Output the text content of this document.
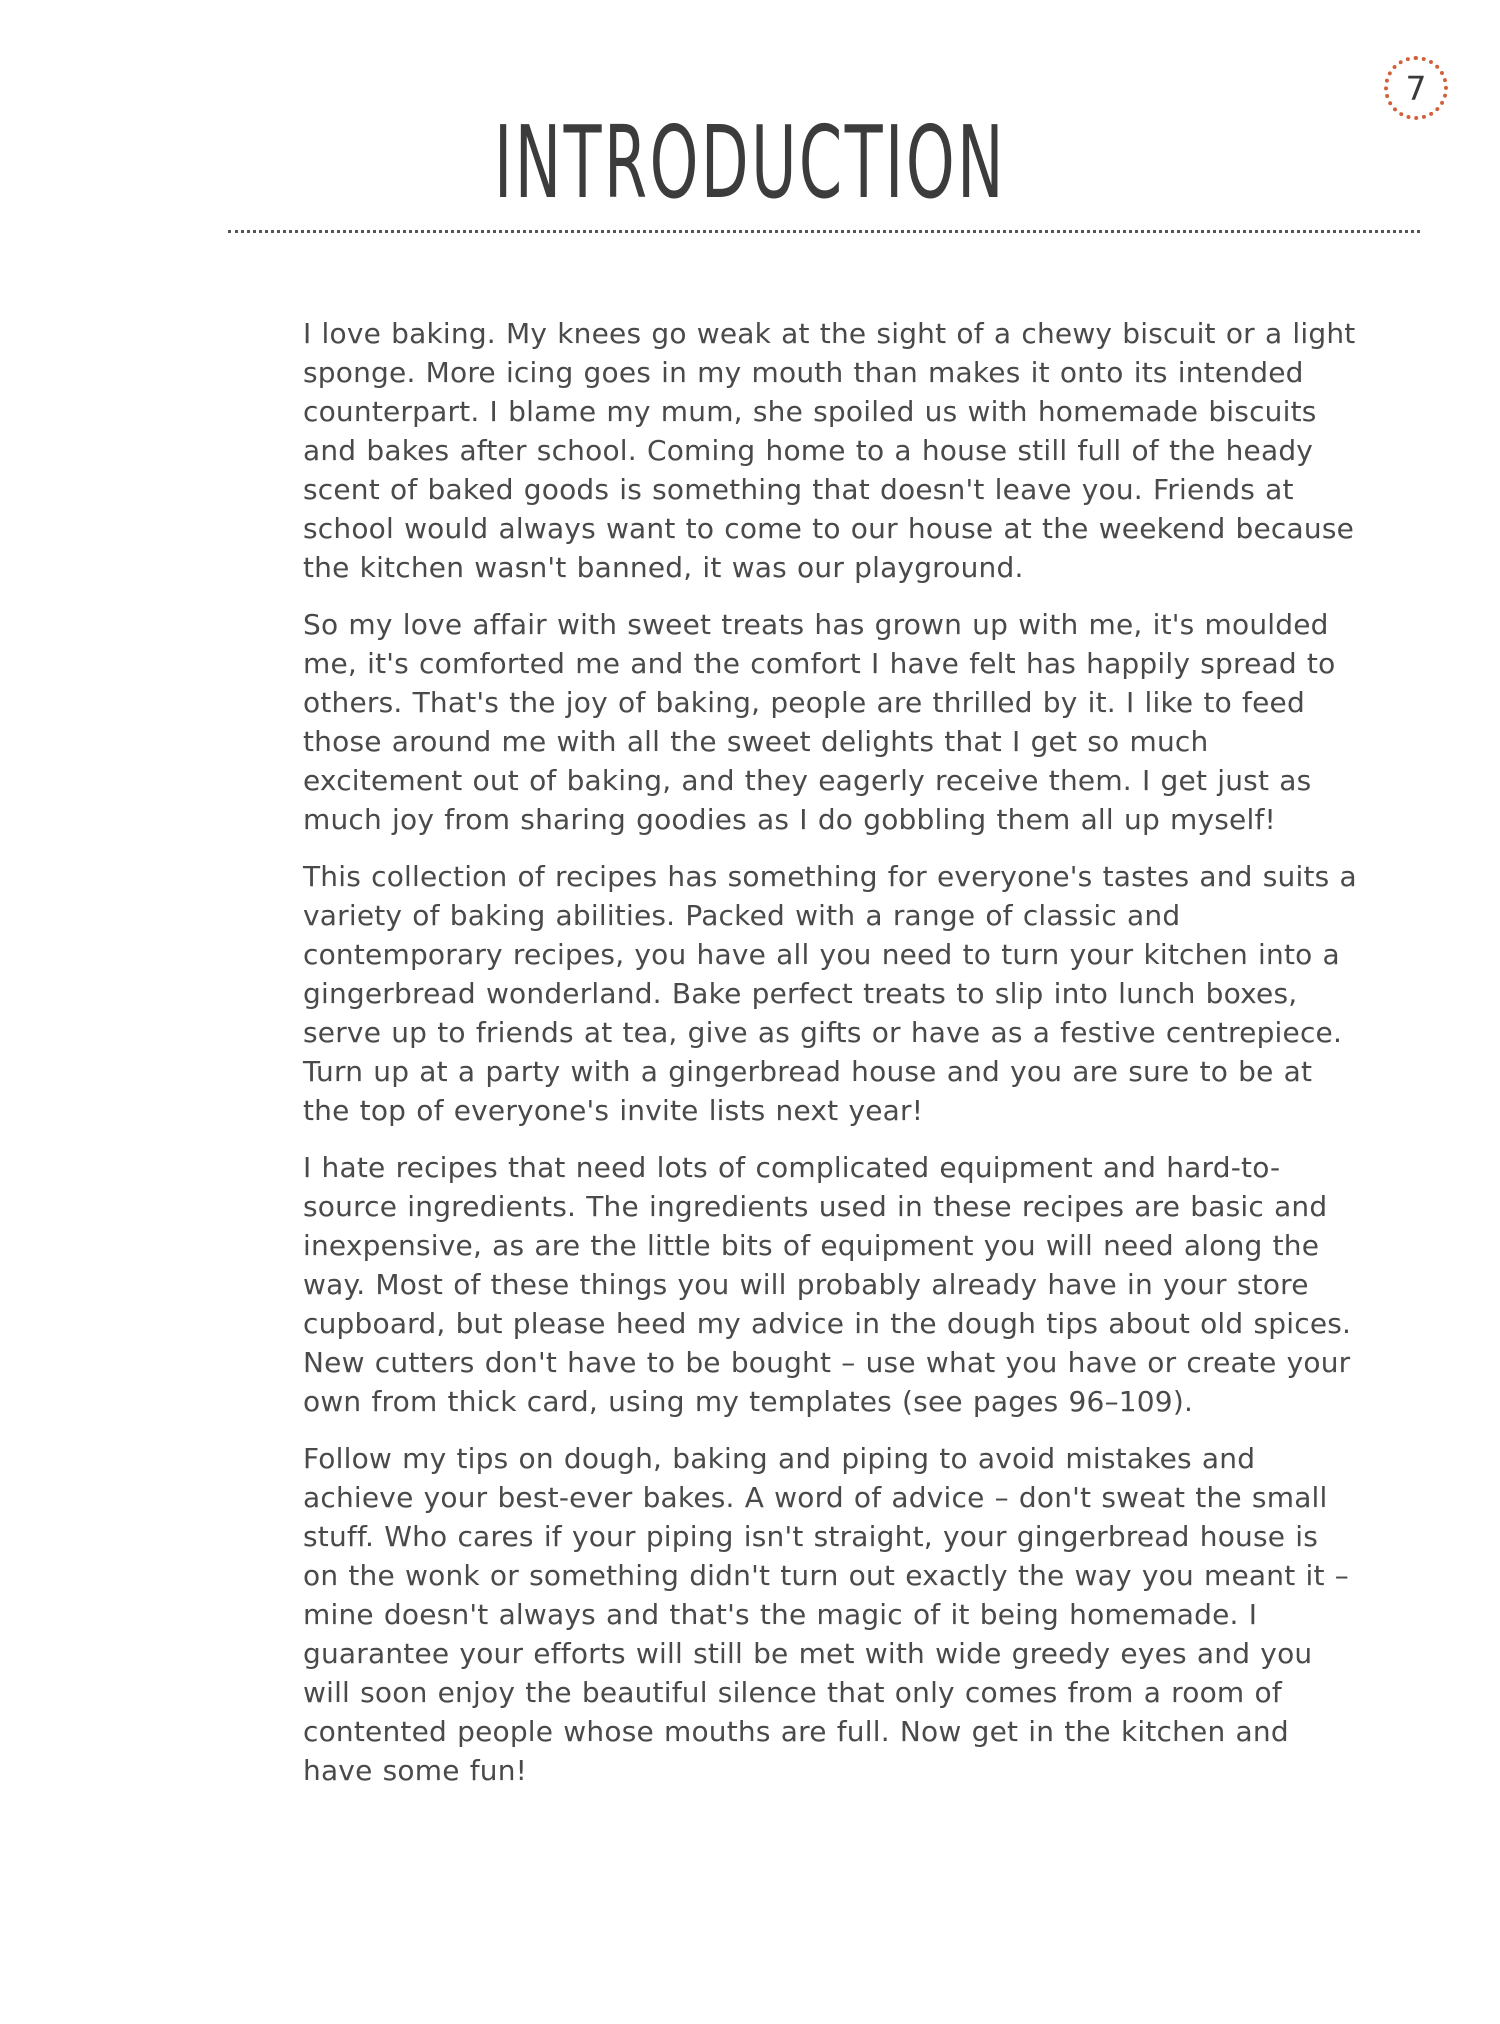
7
INTRODUCTION

I love baking. My knees go weak at the sight of a chewy biscuit or a light sponge. More icing goes in my mouth than makes it onto its intended counterpart. I blame my mum, she spoiled us with homemade biscuits and bakes after school. Coming home to a house still full of the heady scent of baked goods is something that doesn't leave you. Friends at school would always want to come to our house at the weekend because the kitchen wasn't banned, it was our playground.

So my love affair with sweet treats has grown up with me, it's moulded me, it's comforted me and the comfort I have felt has happily spread to others. That's the joy of baking, people are thrilled by it. I like to feed those around me with all the sweet delights that I get so much excitement out of baking, and they eagerly receive them. I get just as much joy from sharing goodies as I do gobbling them all up myself!

This collection of recipes has something for everyone's tastes and suits a variety of baking abilities. Packed with a range of classic and contemporary recipes, you have all you need to turn your kitchen into a gingerbread wonderland. Bake perfect treats to slip into lunch boxes, serve up to friends at tea, give as gifts or have as a festive centrepiece. Turn up at a party with a gingerbread house and you are sure to be at the top of everyone's invite lists next year!

I hate recipes that need lots of complicated equipment and hard-to-source ingredients. The ingredients used in these recipes are basic and inexpensive, as are the little bits of equipment you will need along the way. Most of these things you will probably already have in your store cupboard, but please heed my advice in the dough tips about old spices. New cutters don't have to be bought – use what you have or create your own from thick card, using my templates (see pages 96–109).

Follow my tips on dough, baking and piping to avoid mistakes and achieve your best-ever bakes. A word of advice – don't sweat the small stuff. Who cares if your piping isn't straight, your gingerbread house is on the wonk or something didn't turn out exactly the way you meant it – mine doesn't always and that's the magic of it being homemade. I guarantee your efforts will still be met with wide greedy eyes and you will soon enjoy the beautiful silence that only comes from a room of contented people whose mouths are full. Now get in the kitchen and have some fun!
